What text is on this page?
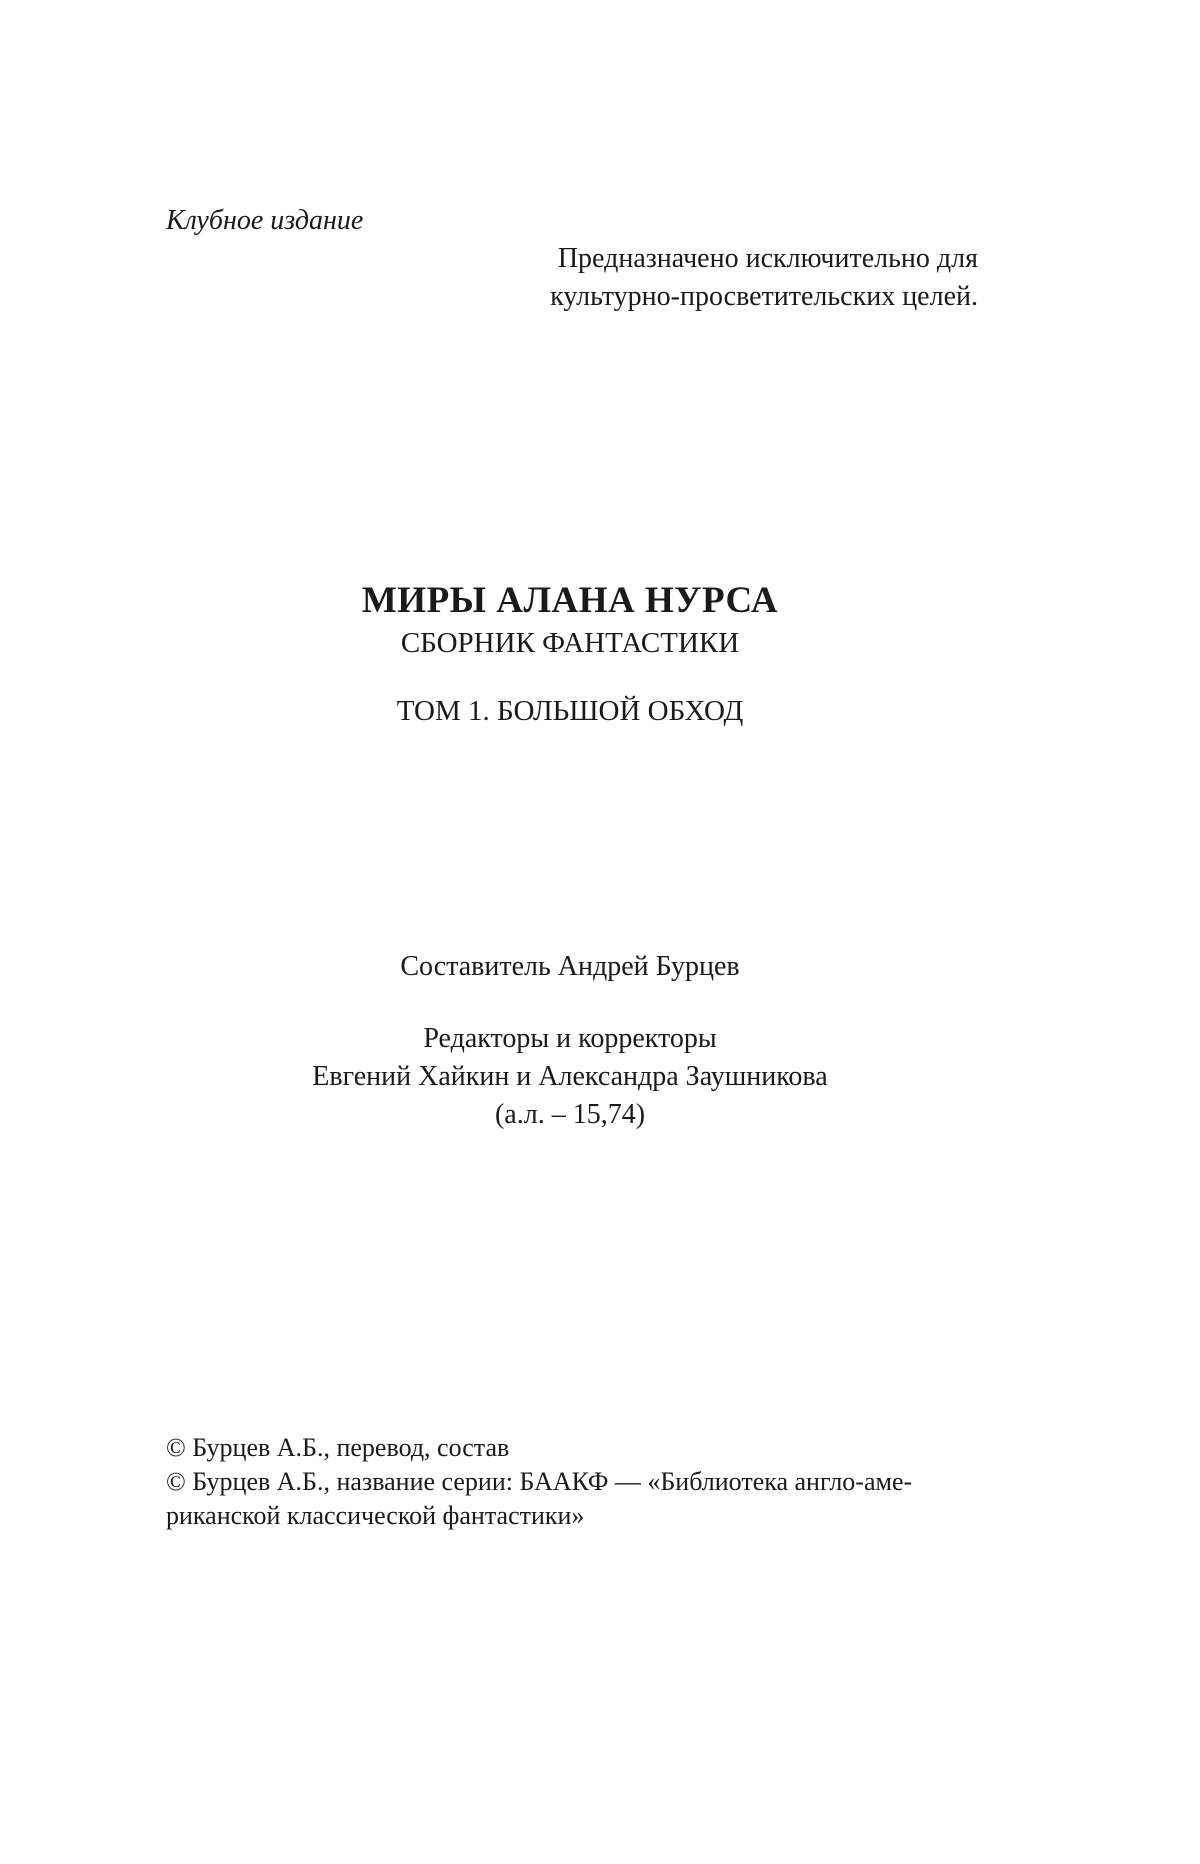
Клубное издание

Предназначено исключительно для
культурно-просветительских целей.

МИРЫ АЛАНА НУРСА

СБОРНИК ФАНТАСТИКИ

ТОМ 1. БОЛЬШОЙ ОБХОД

Составитель Андрей Бурцев

Редакторы и корректоры

Евгений Хайкин и Александра Заушникова

(а.л. – 15,74)

© Бурцев А.Б., перевод, состав

© Бурцев А.Б., название серии: БААКФ — «Библиотека англо-аме-

риканской классической фантастики»
